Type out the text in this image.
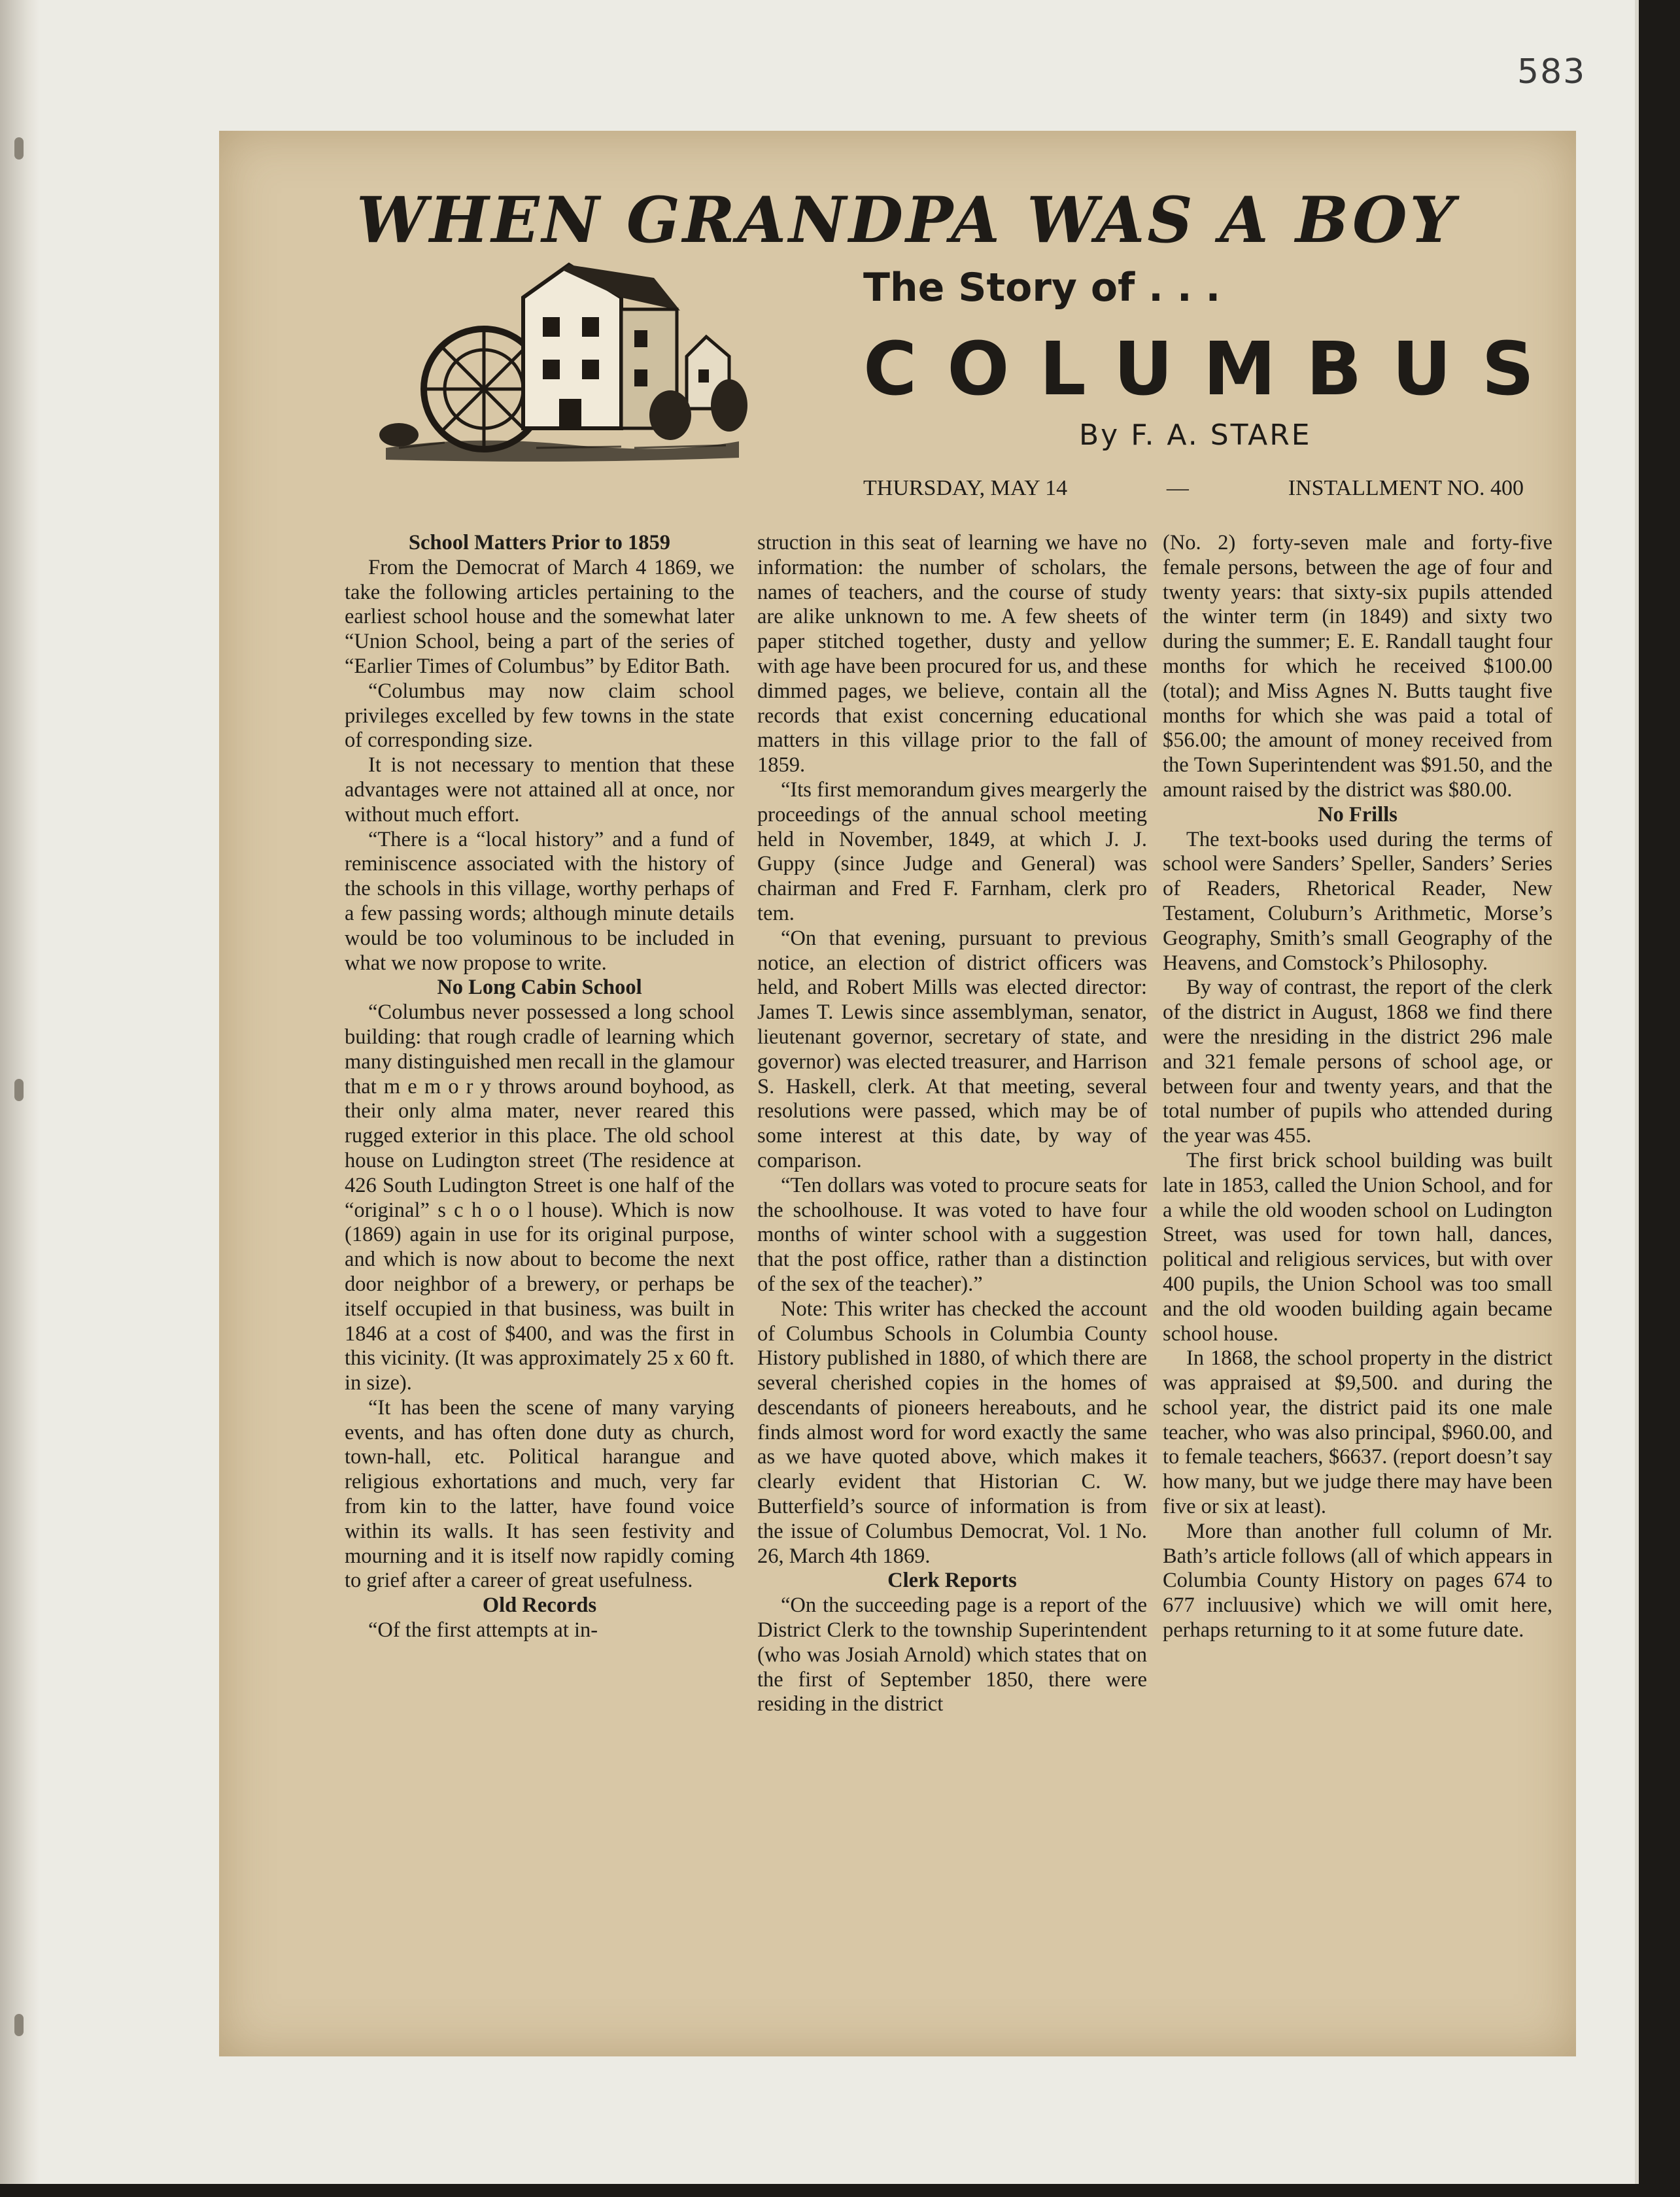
583
WHEN GRANDPA WAS A BOY
The Story of . . .
COLUMBUS
By F. A. STARE
THURSDAY, MAY 14	—	INSTALLMENT NO. 400
School Matters Prior to 1859

From the Democrat of March 4 1869, we take the following articles pertaining to the earliest school house and the somewhat later “Union School, being a part of the series of “Earlier Times of Columbus” by Editor Bath.

“Columbus may now claim school privileges excelled by few towns in the state of corresponding size.

It is not necessary to mention that these advantages were not attained all at once, nor without much effort.

“There is a “local history” and a fund of reminiscence associated with the history of the schools in this village, worthy perhaps of a few passing words; although minute details would be too voluminous to be included in what we now propose to write.

No Long Cabin School

“Columbus never possessed a long school building: that rough cradle of learning which many distinguished men recall in the glamour that m e m o r y throws around boyhood, as their only alma mater, never reared this rugged exterior in this place. The old school house on Ludington street (The residence at 426 South Ludington Street is one half of the “original” s c h o o l house). Which is now (1869) again in use for its original purpose, and which is now about to become the next door neighbor of a brewery, or perhaps be itself occupied in that business, was built in 1846 at a cost of $400, and was the first in this vicinity. (It was approximately 25 x 60 ft. in size).

“It has been the scene of many varying events, and has often done duty as church, town-hall, etc. Political harangue and religious exhortations and much, very far from kin to the latter, have found voice within its walls. It has seen festivity and mourning and it is itself now rapidly coming to grief after a career of great usefulness.

Old Records

“Of the first attempts at in-

struction in this seat of learning we have no information: the number of scholars, the names of teachers, and the course of study are alike unknown to me. A few sheets of paper stitched together, dusty and yellow with age have been procured for us, and these dimmed pages, we believe, contain all the records that exist concerning educational matters in this village prior to the fall of 1859.

“Its first memorandum gives meargerly the proceedings of the annual school meeting held in November, 1849, at which J. J. Guppy (since Judge and General) was chairman and Fred F. Farnham, clerk pro tem.

“On that evening, pursuant to previous notice, an election of district officers was held, and Robert Mills was elected director: James T. Lewis since assemblyman, senator, lieutenant governor, secretary of state, and governor) was elected treasurer, and Harrison S. Haskell, clerk. At that meeting, several resolutions were passed, which may be of some interest at this date, by way of comparison.

“Ten dollars was voted to procure seats for the schoolhouse. It was voted to have four months of winter school with a suggestion that the post office, rather than a distinction of the sex of the teacher).”

Note: This writer has checked the account of Columbus Schools in Columbia County History published in 1880, of which there are several cherished copies in the homes of descendants of pioneers hereabouts, and he finds almost word for word exactly the same as we have quoted above, which makes it clearly evident that Historian C. W. Butterfield’s source of information is from the issue of Columbus Democrat, Vol. 1 No. 26, March 4th 1869.

Clerk Reports

“On the succeeding page is a report of the District Clerk to the township Superintendent (who was Josiah Arnold) which states that on the first of September 1850, there were residing in the district

(No. 2) forty-seven male and forty-five female persons, between the age of four and twenty years: that sixty-six pupils attended the winter term (in 1849) and sixty two during the summer; E. E. Randall taught four months for which he received $100.00 (total); and Miss Agnes N. Butts taught five months for which she was paid a total of $56.00; the amount of money received from the Town Superintendent was $91.50, and the amount raised by the district was $80.00.

No Frills

The text-books used during the terms of school were Sanders’ Speller, Sanders’ Series of Readers, Rhetorical Reader, New Testament, Coluburn’s Arithmetic, Morse’s Geography, Smith’s small Geography of the Heavens, and Comstock’s Philosophy.

By way of contrast, the report of the clerk of the district in August, 1868 we find there were the nresiding in the district 296 male and 321 female persons of school age, or between four and twenty years, and that the total number of pupils who attended during the year was 455.

The first brick school building was built late in 1853, called the Union School, and for a while the old wooden school on Ludington Street, was used for town hall, dances, political and religious services, but with over 400 pupils, the Union School was too small and the old wooden building again became school house.

In 1868, the school property in the district was appraised at $9,500. and during the school year, the district paid its one male teacher, who was also principal, $960.00, and to female teachers, $6637. (report doesn’t say how many, but we judge there may have been five or six at least).

More than another full column of Mr. Bath’s article follows (all of which appears in Columbia County History on pages 674 to 677 incluusive) which we will omit here, perhaps returning to it at some future date.
